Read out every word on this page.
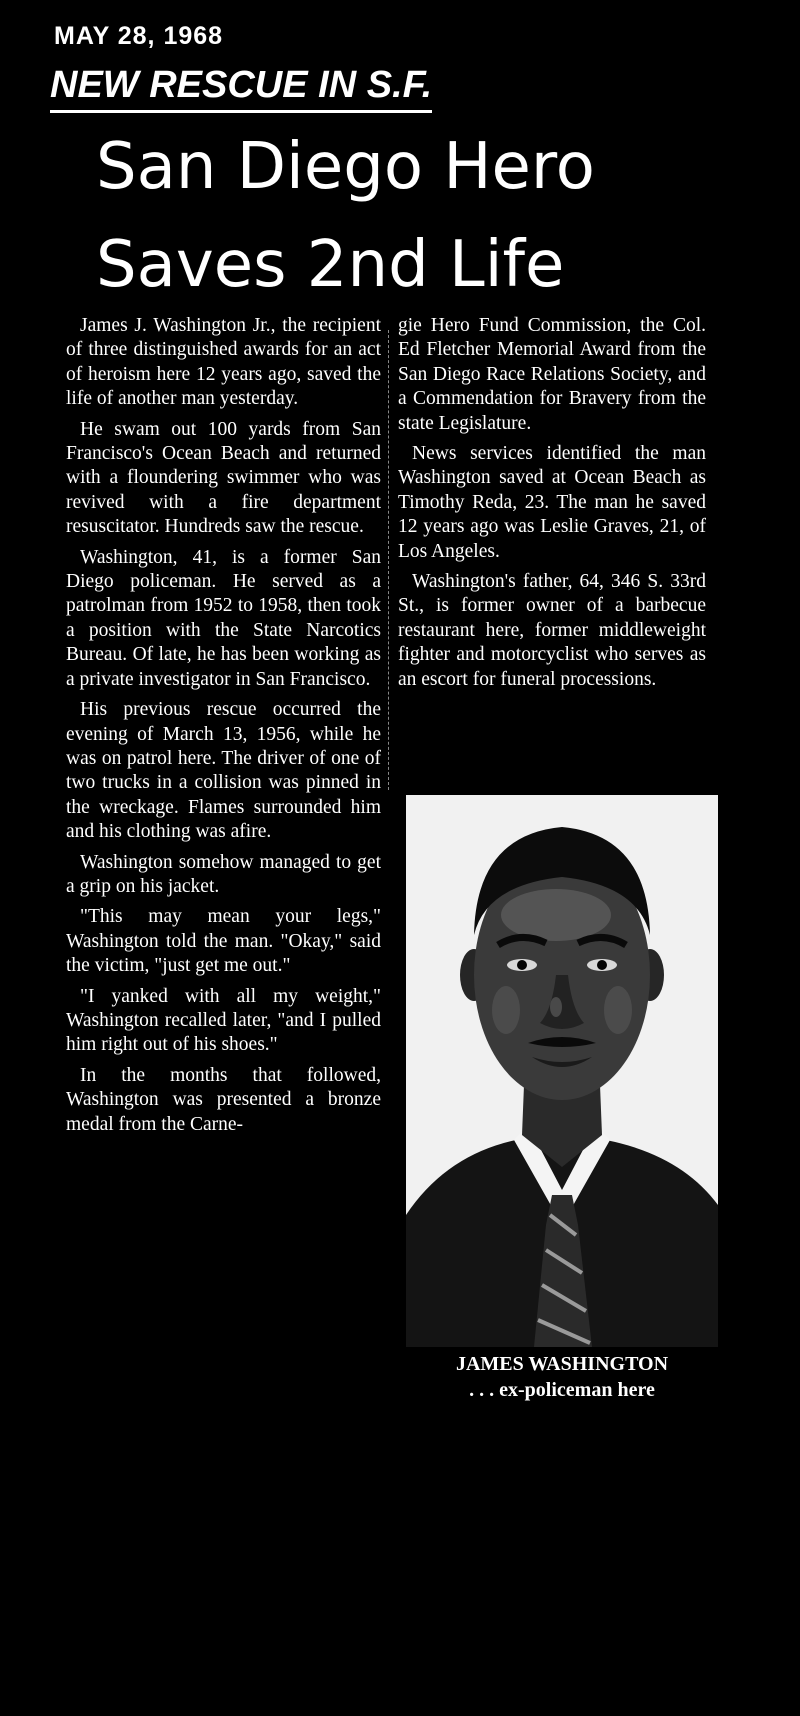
MAY 28, 1968
NEW RESCUE IN S.F.
San Diego Hero
Saves 2nd Life

James J. Washington Jr., the recipient of three distinguished awards for an act of heroism here 12 years ago, saved the life of another man yesterday.

He swam out 100 yards from San Francisco's Ocean Beach and returned with a floundering swimmer who was revived with a fire department resuscitator. Hundreds saw the rescue.

Washington, 41, is a former San Diego policeman. He served as a patrolman from 1952 to 1958, then took a position with the State Narcotics Bureau. Of late, he has been working as a private investigator in San Francisco.

His previous rescue occurred the evening of March 13, 1956, while he was on patrol here. The driver of one of two trucks in a collision was pinned in the wreckage. Flames surrounded him and his clothing was afire.

Washington somehow managed to get a grip on his jacket.

"This may mean your legs," Washington told the man. "Okay," said the victim, "just get me out."

"I yanked with all my weight," Washington recalled later, "and I pulled him right out of his shoes."

In the months that followed, Washington was presented a bronze medal from the Carne-

gie Hero Fund Commission, the Col. Ed Fletcher Memorial Award from the San Diego Race Relations Society, and a Commendation for Bravery from the state Legislature.

News services identified the man Washington saved at Ocean Beach as Timothy Reda, 23. The man he saved 12 years ago was Leslie Graves, 21, of Los Angeles.

Washington's father, 64, 346 S. 33rd St., is former owner of a barbecue restaurant here, former middleweight fighter and motorcyclist who serves as an escort for funeral processions.

JAMES WASHINGTON
. . . ex-policeman here
